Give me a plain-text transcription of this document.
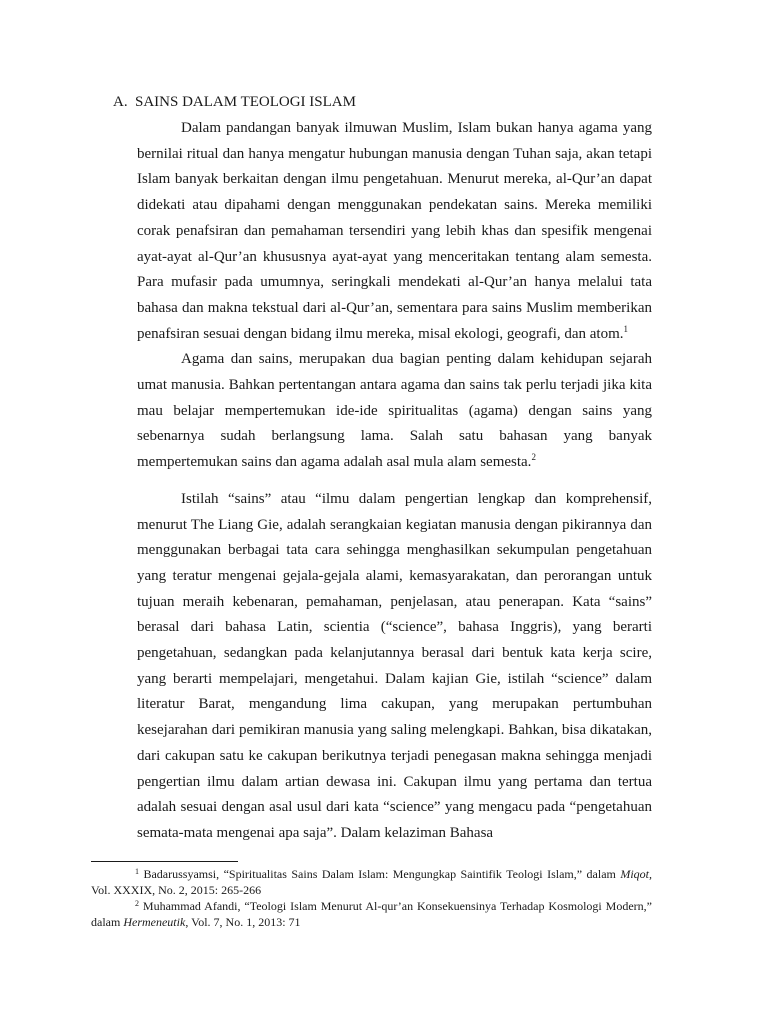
A. SAINS DALAM TEOLOGI ISLAM

Dalam pandangan banyak ilmuwan Muslim, Islam bukan hanya agama yang bernilai ritual dan hanya mengatur hubungan manusia dengan Tuhan saja, akan tetapi Islam banyak berkaitan dengan ilmu pengetahuan. Menurut mereka, al-Qur’an dapat didekati atau dipahami dengan menggunakan pendekatan sains. Mereka memiliki corak penafsiran dan pemahaman tersendiri yang lebih khas dan spesifik mengenai ayat-ayat al-Qur’an khususnya ayat-ayat yang menceritakan tentang alam semesta. Para mufasir pada umumnya, seringkali mendekati al-Qur’an hanya melalui tata bahasa dan makna tekstual dari al-Qur’an, sementara para sains Muslim memberikan penafsiran sesuai dengan bidang ilmu mereka, misal ekologi, geografi, dan atom.$^1$

Agama dan sains, merupakan dua bagian penting dalam kehidupan sejarah umat manusia. Bahkan pertentangan antara agama dan sains tak perlu terjadi jika kita mau belajar mempertemukan ide-ide spiritualitas (agama) dengan sains yang sebenarnya sudah berlangsung lama. Salah satu bahasan yang banyak mempertemukan sains dan agama adalah asal mula alam semesta.$^2$

Istilah “sains” atau “ilmu dalam pengertian lengkap dan komprehensif, menurut The Liang Gie, adalah serangkaian kegiatan manusia dengan pikirannya dan menggunakan berbagai tata cara sehingga menghasilkan sekumpulan pengetahuan yang teratur mengenai gejala-gejala alami, kemasyarakatan, dan perorangan untuk tujuan meraih kebenaran, pemahaman, penjelasan, atau penerapan. Kata “sains” berasal dari bahasa Latin, scientia (“science”, bahasa Inggris), yang berarti pengetahuan, sedangkan pada kelanjutannya berasal dari bentuk kata kerja scire, yang berarti mempelajari, mengetahui. Dalam kajian Gie, istilah “science” dalam literatur Barat, mengandung lima cakupan, yang merupakan pertumbuhan kesejarahan dari pemikiran manusia yang saling melengkapi. Bahkan, bisa dikatakan, dari cakupan satu ke cakupan berikutnya terjadi penegasan makna sehingga menjadi pengertian ilmu dalam artian dewasa ini. Cakupan ilmu yang pertama dan tertua adalah sesuai dengan asal usul dari kata “science” yang mengacu pada “pengetahuan semata-mata mengenai apa saja”. Dalam kelaziman Bahasa

$^1$ Badarussyamsi, “Spiritualitas Sains Dalam Islam: Mengungkap Saintifik Teologi Islam,” dalam Miqot, Vol. XXXIX, No. 2, 2015: 265-266

$^2$ Muhammad Afandi, “Teologi Islam Menurut Al-qur’an Konsekuensinya Terhadap Kosmologi Modern,” dalam Hermeneutik, Vol. 7, No. 1, 2013: 71
